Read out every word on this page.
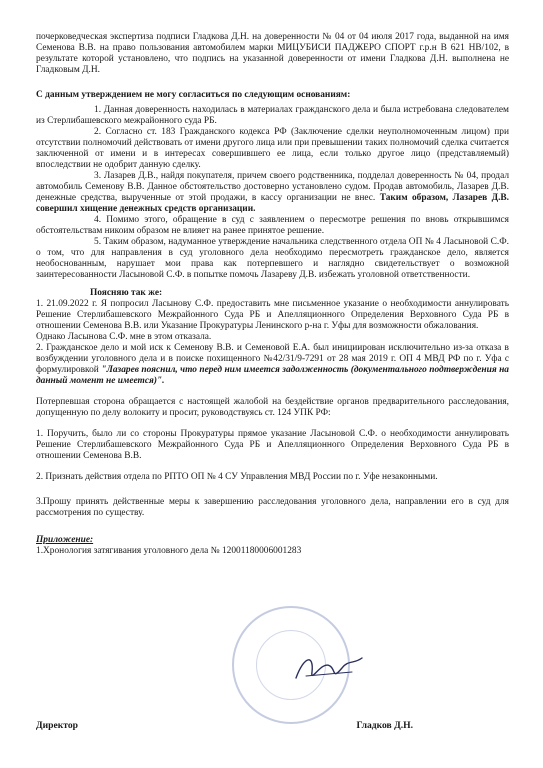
почерковедческая экспертиза подписи Гладкова Д.Н. на доверенности № 04 от 04 июля 2017 года, выданной на имя Семенова В.В. на право пользования автомобилем марки МИЦУБИСИ ПАДЖЕРО СПОРТ г.р.н В 621 НВ/102, в результате которой установлено, что подпись на указанной доверенности от имени Гладкова Д.Н. выполнена не Гладковым Д.Н.

С данным утверждением не могу согласиться по следующим основаниям:

1. Данная доверенность находилась в материалах гражданского дела и была истребована следователем из Стерлибашевского межрайонного суда РБ.

2. Согласно ст. 183 Гражданского кодекса РФ (Заключение сделки неуполномоченным лицом) при отсутствии полномочий действовать от имени другого лица или при превышении таких полномочий сделка считается заключенной от имени и в интересах совершившего ее лица, если только другое лицо (представляемый) впоследствии не одобрит данную сделку.

3. Лазарев Д.В., найдя покупателя, причем своего родственника, подделал доверенность № 04, продал автомобиль Семенову В.В. Данное обстоятельство достоверно установлено судом. Продав автомобиль, Лазарев Д.В. денежные средства, вырученные от этой продажи, в кассу организации не внес. Таким образом, Лазарев Д.В. совершил хищение денежных средств организации.

4. Помимо этого, обращение в суд с заявлением о пересмотре решения по вновь открывшимся обстоятельствам никоим образом не влияет на ранее принятое решение.

5. Таким образом, надуманное утверждение начальника следственного отдела ОП № 4 Ласыновой С.Ф. о том, что для направления в суд уголовного дела необходимо пересмотреть гражданское дело, является необоснованным, нарушает мои права как потерпевшего и наглядно свидетельствует о возможной заинтересованности Ласыновой С.Ф. в попытке помочь Лазареву Д.В. избежать уголовной ответственности.

Поясняю так же:

1. 21.09.2022 г. Я попросил Ласынову С.Ф. предоставить мне письменное указание о необходимости аннулировать Решение Стерлибашевского Межрайонного Суда РБ и Апелляционного Определения Верховного Суда РБ в отношении Семенова В.В. или Указание Прокуратуры Ленинского р-на г. Уфы для возможности обжалования.

Однако Ласынова С.Ф. мне в этом отказала.

2. Гражданское дело и мой иск к Семенову В.В. и Семеновой Е.А. был инициирован исключительно из-за отказа в возбуждении уголовного дела и в поиске похищенного №42/31/9-7291 от 28 мая 2019 г. ОП 4 МВД РФ по г. Уфа с формулировкой "Лазарев пояснил, что перед ним имеется задолженность (документального подтверждения на данный момент не имеется)".

Потерпевшая сторона обращается с настоящей жалобой на бездействие органов предварительного расследования, допущенную по делу волокиту и просит, руководствуясь ст. 124 УПК РФ:

1. Поручить, было ли со стороны Прокуратуры прямое указание Ласыновой С.Ф. о необходимости аннулировать Решение Стерлибашевского Межрайонного Суда РБ и Апелляционного Определения Верховного Суда РБ в отношении Семенова В.В.

2. Признать действия отдела по РПТО ОП № 4 СУ Управления МВД России по г. Уфе незаконными.

3.Прошу принять действенные меры к завершению расследования уголовного дела, направлении его в суд для рассмотрения по существу.

Приложение:

1.Хронология затягивания уголовного дела № 12001180006001283

Директор	Гладков Д.Н.
